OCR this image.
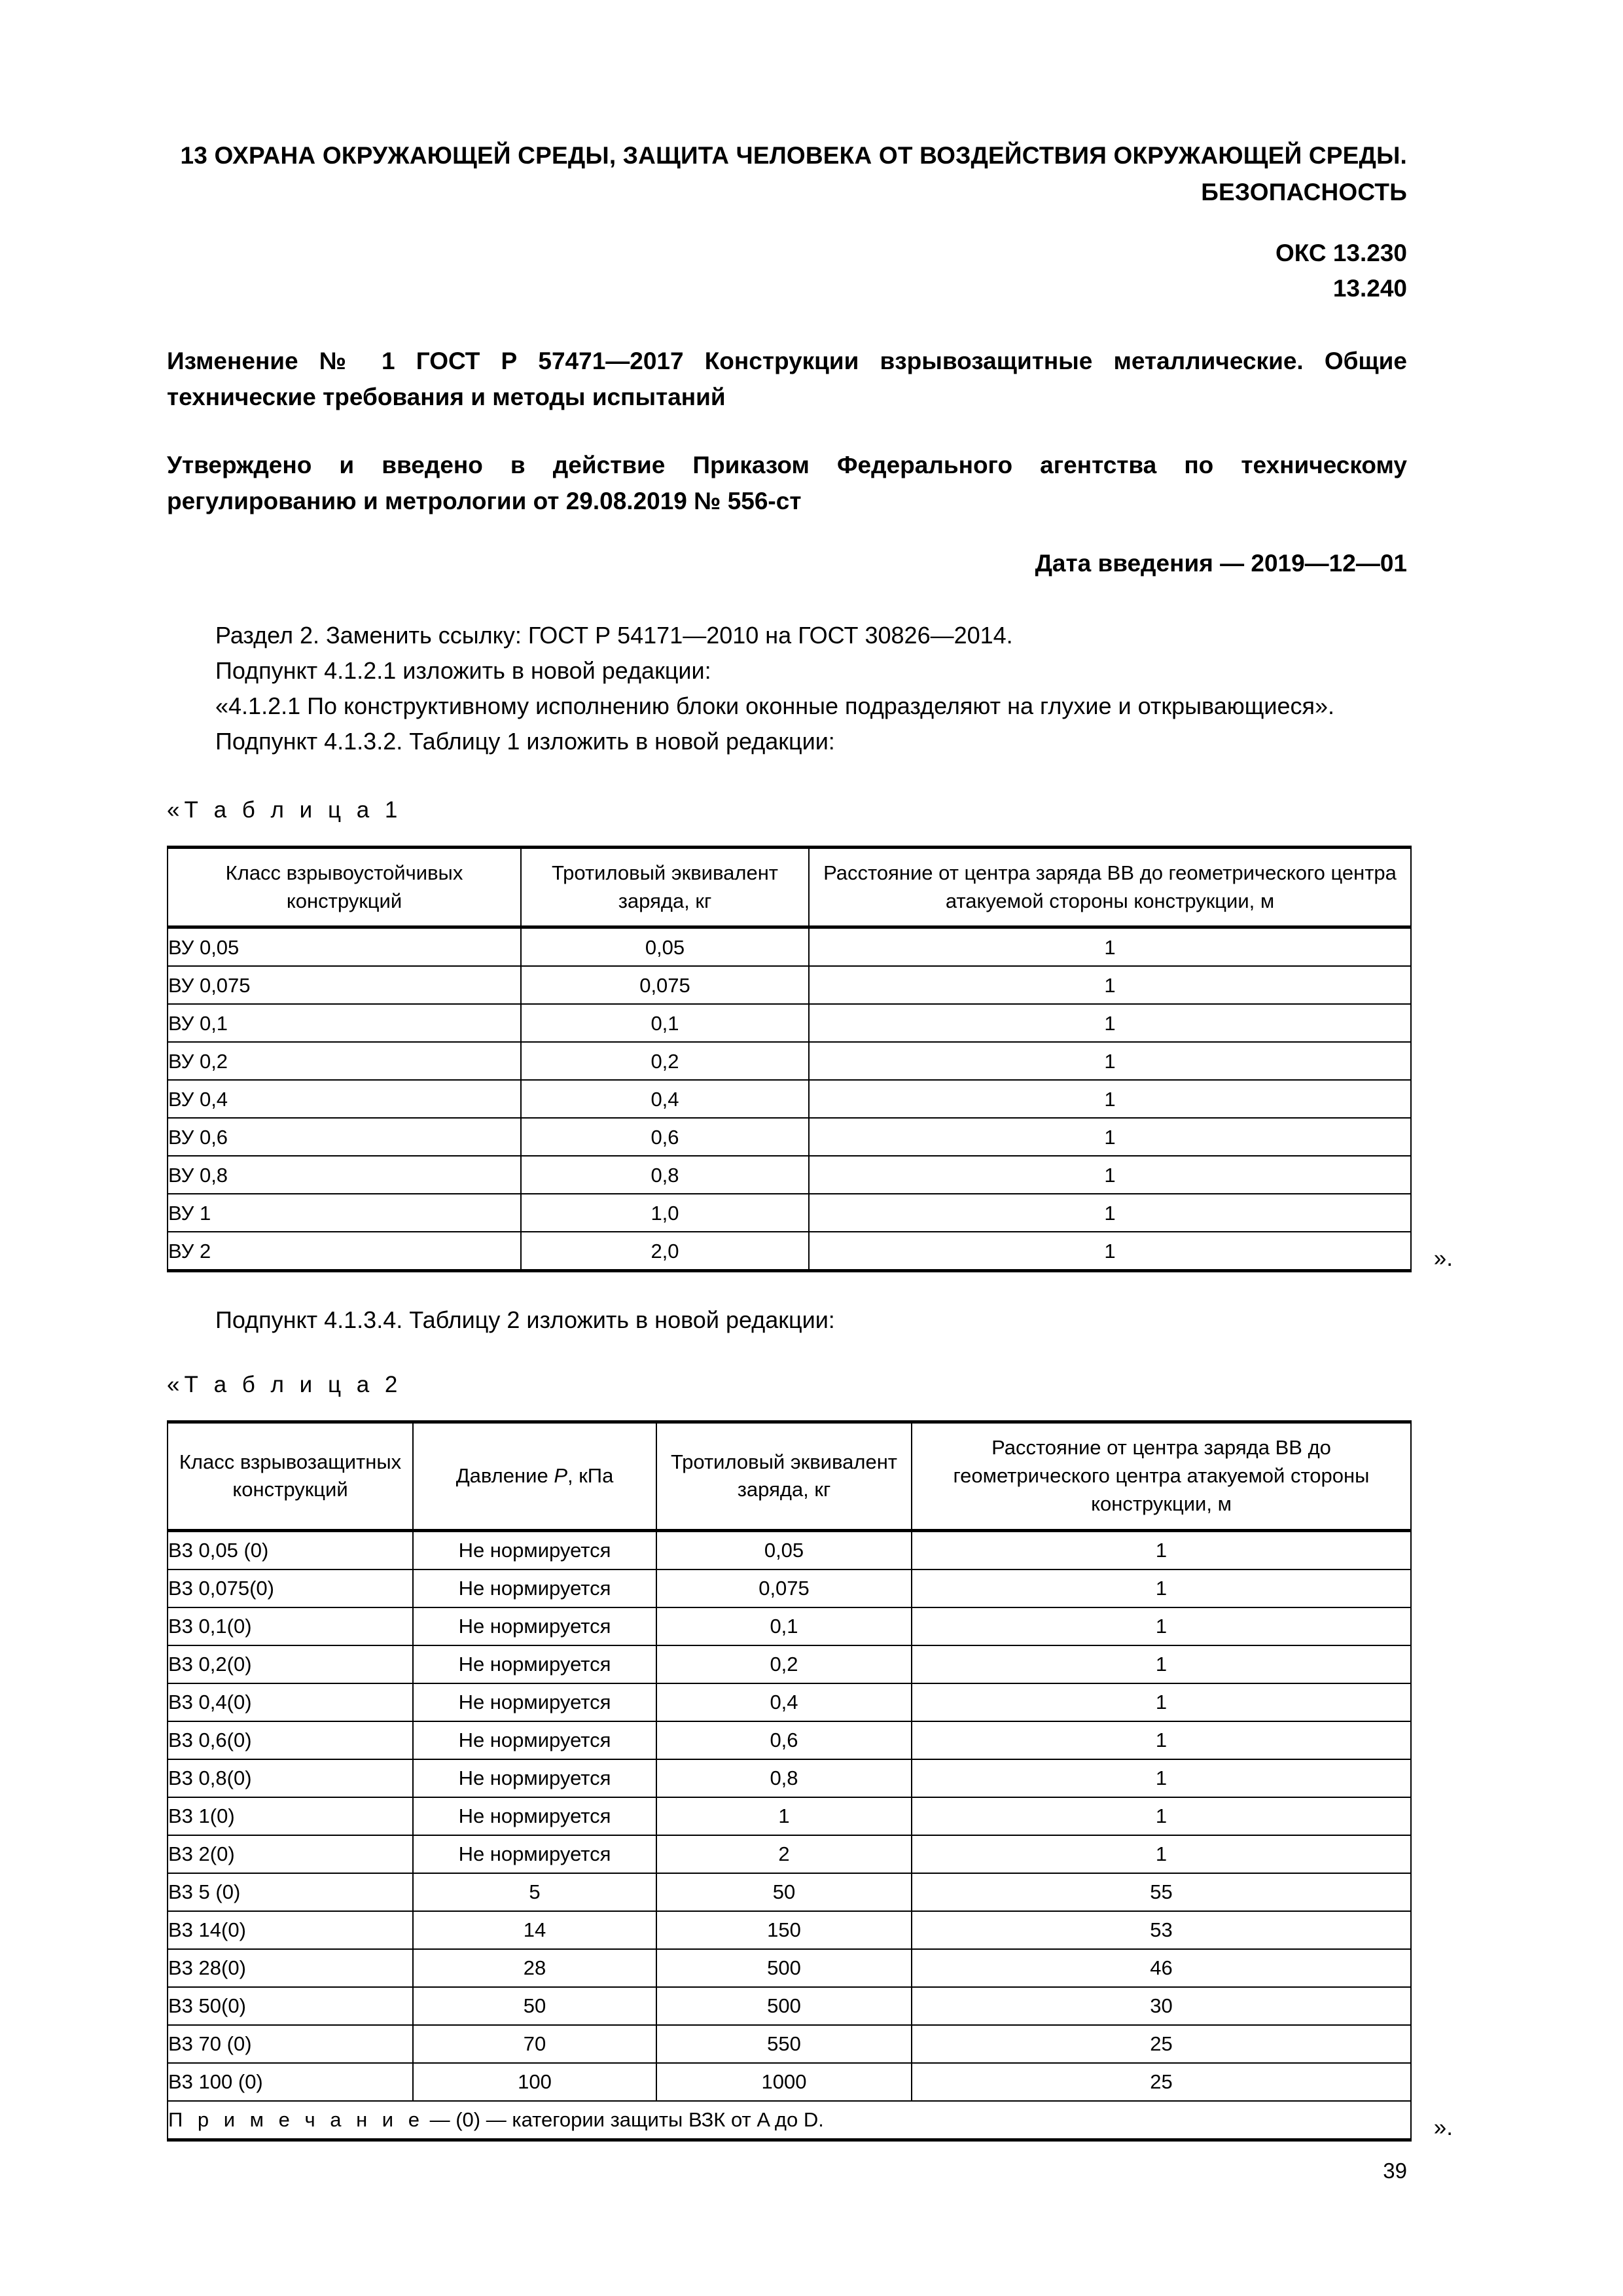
13 ОХРАНА ОКРУЖАЮЩЕЙ СРЕДЫ, ЗАЩИТА ЧЕЛОВЕКА ОТ ВОЗДЕЙСТВИЯ ОКРУЖАЮЩЕЙ СРЕДЫ. БЕЗОПАСНОСТЬ
ОКС 13.230
13.240
Изменение № 1 ГОСТ Р 57471—2017 Конструкции взрывозащитные металлические. Общие технические требования и методы испытаний
Утверждено и введено в действие Приказом Федерального агентства по техническому регулированию и метрологии от 29.08.2019 № 556-ст
Дата введения — 2019—12—01
Раздел 2. Заменить ссылку: ГОСТ Р 54171—2010 на ГОСТ 30826—2014.
Подпункт 4.1.2.1 изложить в новой редакции:
«4.1.2.1 По конструктивному исполнению блоки оконные подразделяют на глухие и открывающиеся».
Подпункт 4.1.3.2. Таблицу 1 изложить в новой редакции:
«Т а б л и ц а 1
Класс взрывоустойчивых конструкций	Тротиловый эквивалент заряда, кг	Расстояние от центра заряда ВВ до геометрического центра атакуемой стороны конструкции, м
ВУ 0,05	0,05	1
ВУ 0,075	0,075	1
ВУ 0,1	0,1	1
ВУ 0,2	0,2	1
ВУ 0,4	0,4	1
ВУ 0,6	0,6	1
ВУ 0,8	0,8	1
ВУ 1	1,0	1
ВУ 2	2,0	1	».
Подпункт 4.1.3.4. Таблицу 2 изложить в новой редакции:
«Т а б л и ц а 2
Класс взрывозащитных конструкций	Давление P, кПа	Тротиловый эквивалент заряда, кг	Расстояние от центра заряда ВВ до геометрического центра атакуемой стороны конструкции, м
В3 0,05 (0)	Не нормируется	0,05	1
В3 0,075(0)	Не нормируется	0,075	1
В3 0,1(0)	Не нормируется	0,1	1
В3 0,2(0)	Не нормируется	0,2	1
В3 0,4(0)	Не нормируется	0,4	1
В3 0,6(0)	Не нормируется	0,6	1
В3 0,8(0)	Не нормируется	0,8	1
В3 1(0)	Не нормируется	1	1
В3 2(0)	Не нормируется	2	1
В3 5 (0)	5	50	55
В3 14(0)	14	150	53
В3 28(0)	28	500	46
В3 50(0)	50	500	30
В3 70 (0)	70	550	25
В3 100 (0)	100	1000	25
П р и м е ч а н и е — (0) — категории защиты ВЗК от A до D.				».
39
